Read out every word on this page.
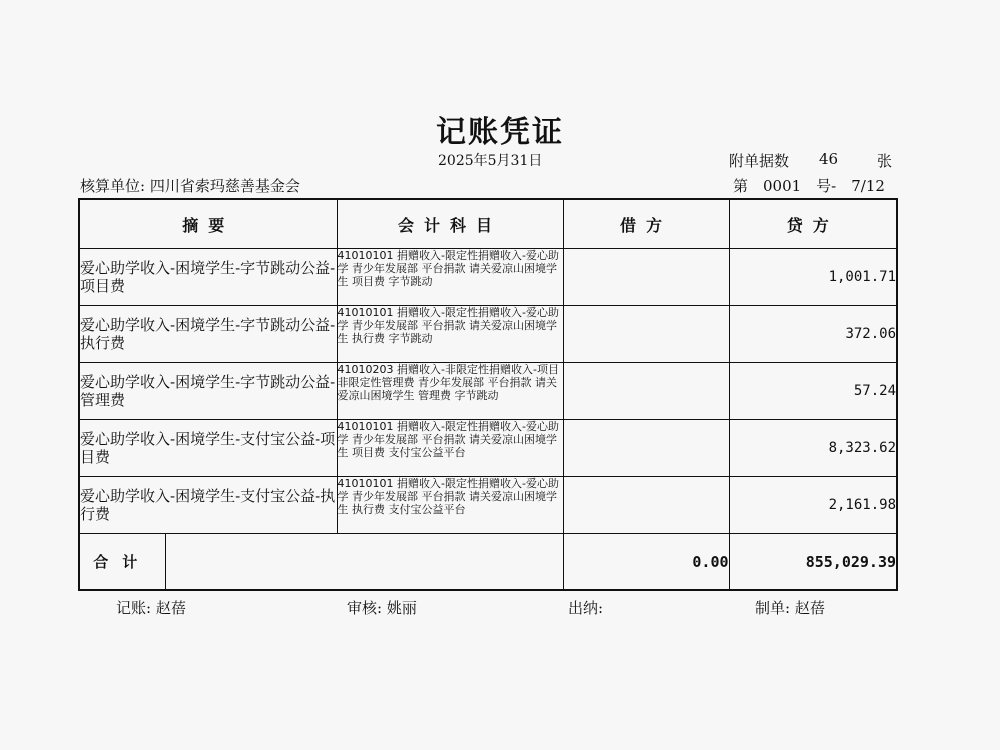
记账凭证
2025年5月31日	附单据数 46	张
核算单位: 四川省索玛慈善基金会	第　0001　号-　7/12
摘要		会计科目	借方	贷方
爱心助学收入-困境学生-字节跳动公益-项目费		41010101 捐赠收入-限定性捐赠收入-爱心助学 青少年发展部 平台捐款 请关爱凉山困境学生 项目费 字节跳动		1,001.71
爱心助学收入-困境学生-字节跳动公益-执行费		41010101 捐赠收入-限定性捐赠收入-爱心助学 青少年发展部 平台捐款 请关爱凉山困境学生 执行费 字节跳动		372.06
爱心助学收入-困境学生-字节跳动公益-管理费		41010203 捐赠收入-非限定性捐赠收入-项目非限定性管理费 青少年发展部 平台捐款 请关爱凉山困境学生 管理费 字节跳动		57.24
爱心助学收入-困境学生-支付宝公益-项目费		41010101 捐赠收入-限定性捐赠收入-爱心助学 青少年发展部 平台捐款 请关爱凉山困境学生 项目费 支付宝公益平台		8,323.62
爱心助学收入-困境学生-支付宝公益-执行费		41010101 捐赠收入-限定性捐赠收入-爱心助学 青少年发展部 平台捐款 请关爱凉山困境学生 执行费 支付宝公益平台		2,161.98
合计			0.00	855,029.39
记账: 赵蓓	审核: 姚丽	出纳:	制单: 赵蓓
